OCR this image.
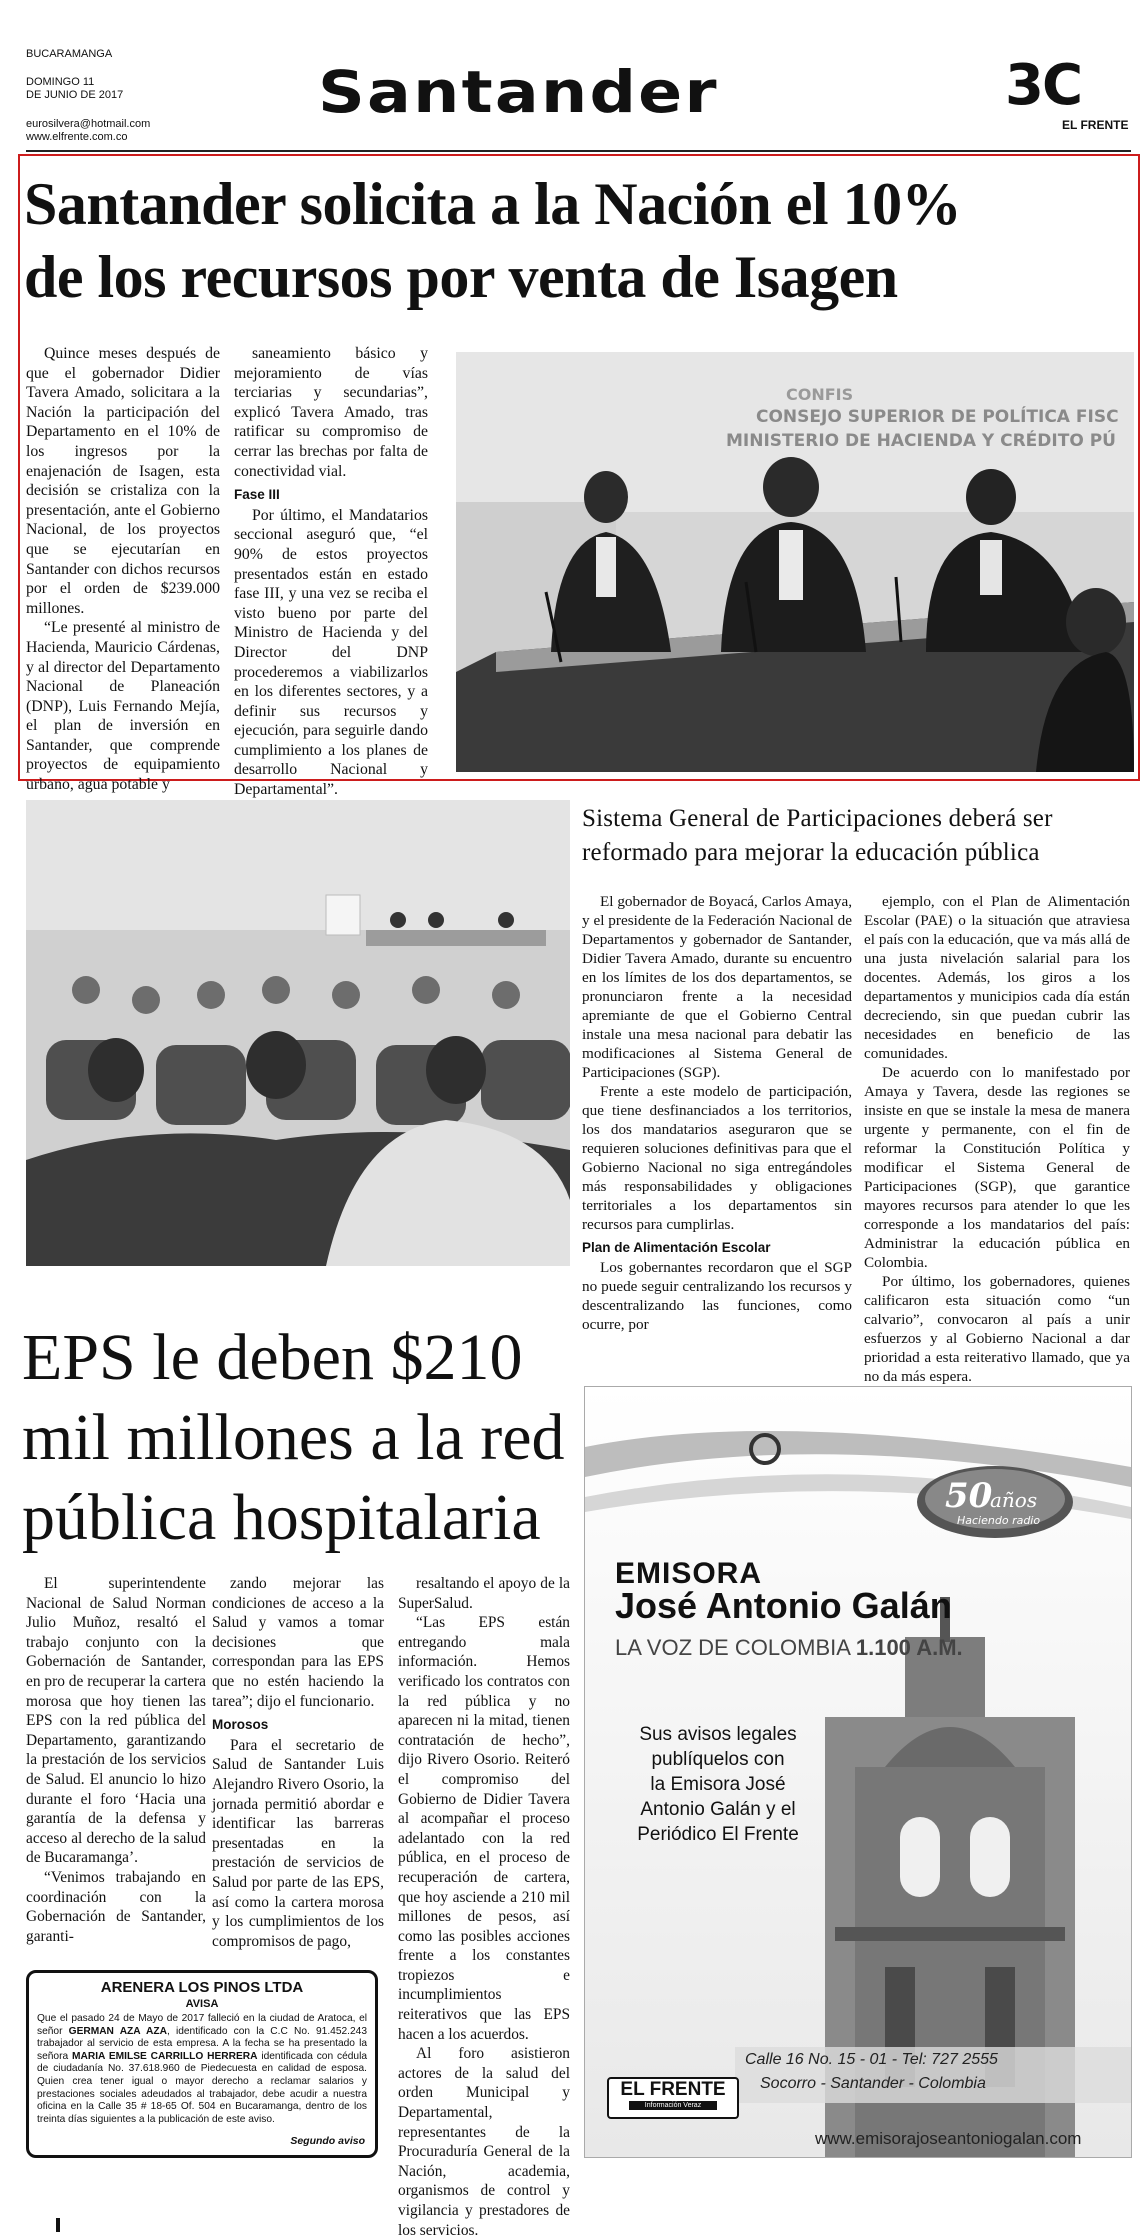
BUCARAMANGA
DOMINGO 11
DE JUNIO DE 2017
eurosilvera@hotmail.com
www.elfrente.com.co
Santander	3C
EL FRENTE
Santander solicita a la Nación el 10%
de los recursos por venta de Isagen

Quince meses después de que el gobernador Didier Tavera Amado, solicitara a la Nación la participación del Departamento en el 10% de los ingresos por la enajenación de Isagen, esta decisión se cristaliza con la presentación, ante el Gobierno Nacional, de los proyectos que se ejecutarían en Santander con dichos recursos por el orden de $239.000 millones.

“Le presenté al ministro de Hacienda, Mauricio Cárdenas, y al director del Departamento Nacional de Planeación (DNP), Luis Fernando Mejía, el plan de inversión en Santander, que comprende proyectos de equipamiento urbano, agua potable y

saneamiento básico y mejoramiento de vías terciarias y secundarias”, explicó Tavera Amado, tras ratificar su compromiso de cerrar las brechas por falta de conectividad vial.

Fase III

Por último, el Mandatarios seccional aseguró que, “el 90% de estos proyectos presentados están en estado fase III, y una vez se reciba el visto bueno por parte del Ministro de Hacienda y del Director del DNP procederemos a viabilizarlos en los diferentes sectores, y a definir sus recursos y ejecución, para seguirle dando cumplimiento a los planes de desarrollo Nacional y Departamental”.

CONFIS
CONSEJO SUPERIOR DE POLÍTICA FISC
MINISTERIO DE HACIENDA Y CRÉDITO PÚ
Sistema General de Participaciones deberá ser
reformado para mejorar la educación pública

El gobernador de Boyacá, Carlos Amaya, y el presidente de la Federación Nacional de Departamentos y gobernador de Santander, Didier Tavera Amado, durante su encuentro en los límites de los dos departamentos, se pronunciaron frente a la necesidad apremiante de que el Gobierno Central instale una mesa nacional para debatir las modificaciones al Sistema General de Participaciones (SGP).

Frente a este modelo de participación, que tiene desfinanciados a los territorios, los dos mandatarios aseguraron que se requieren soluciones definitivas para que el Gobierno Nacional no siga entregándoles más responsabilidades y obligaciones territoriales a los departamentos sin recursos para cumplirlas.

Plan de Alimentación Escolar

Los gobernantes recordaron que el SGP no puede seguir centralizando los recursos y descentralizando las funciones, como ocurre, por

ejemplo, con el Plan de Alimentación Escolar (PAE) o la situación que atraviesa el país con la educación, que va más allá de una justa nivelación salarial para los docentes. Además, los giros a los departamentos y municipios cada día están decreciendo, sin que puedan cubrir las necesidades en beneficio de las comunidades.

De acuerdo con lo manifestado por Amaya y Tavera, desde las regiones se insiste en que se instale la mesa de manera urgente y permanente, con el fin de reformar la Constitución Política y modificar el Sistema General de Participaciones (SGP), que garantice mayores recursos para atender lo que les corresponde a los mandatarios del país: Administrar la educación pública en Colombia.

Por último, los gobernadores, quienes calificaron esta situación como “un calvario”, convocaron al país a unir esfuerzos y al Gobierno Nacional a dar prioridad a esta reiterativo llamado, que ya no da más espera.

EPS le deben $210
mil millones a la red
pública hospitalaria

El superintendente Nacional de Salud Norman Julio Muñoz, resaltó el trabajo conjunto con la Gobernación de Santander, en pro de recuperar la cartera morosa que hoy tienen las EPS con la red pública del Departamento, garantizando la prestación de los servicios de Salud. El anuncio lo hizo durante el foro ‘Hacia una garantía de la defensa y acceso al derecho de la salud de Bucaramanga’.

“Venimos trabajando en coordinación con la Gobernación de Santander, garanti-

zando mejorar las condiciones de acceso a la Salud y vamos a tomar decisiones que correspondan para las EPS que no estén haciendo la tarea”; dijo el funcionario.

Morosos

Para el secretario de Salud de Santander Luis Alejandro Rivero Osorio, la jornada permitió abordar e identificar las barreras presentadas en la prestación de servicios de Salud por parte de las EPS, así como la cartera morosa y los cumplimientos de los compromisos de pago,

resaltando el apoyo de la SuperSalud.

“Las EPS están entregando mala información. Hemos verificado los contratos con la red pública y no aparecen ni la mitad, tienen contratación de hecho”, dijo Rivero Osorio. Reiteró el compromiso del Gobierno de Didier Tavera al acompañar el proceso adelantado con la red pública, en el proceso de recuperación de cartera, que hoy asciende a 210 mil millones de pesos, así como las posibles acciones frente a los constantes tropiezos e incumplimientos reiterativos que las EPS hacen a los acuerdos.

Al foro asistieron actores de la salud del orden Municipal y Departamental, representantes de la Procuraduría General de la Nación, academia, organismos de control y vigilancia y prestadores de los servicios.

ARENERA LOS PINOS LTDA
AVISA
Que el pasado 24 de Mayo de 2017 falleció en la ciudad de Aratoca, el señor GERMAN AZA AZA, identificado con la C.C No. 91.452.243 trabajador al servicio de esta empresa. A la fecha se ha presentado la señora MARIA EMILSE CARRILLO HERRERA identificada con cédula de ciudadanía No. 37.618.960 de Piedecuesta en calidad de esposa. Quien crea tener igual o mayor derecho a reclamar salarios y prestaciones sociales adeudados al trabajador, debe acudir a nuestra oficina en la Calle 35 # 18-65 Of. 504 en Bucaramanga, dentro de los treinta días siguientes a la publicación de este aviso.
Segundo aviso
50
años
Haciendo radio
EMISORA
José Antonio Galán
LA VOZ DE COLOMBIA 1.100 A.M.
Sus avisos legales
publíquelos con
la Emisora José
Antonio Galán y el
Periódico El Frente
Calle 16 No. 15 - 01 - Tel: 727 2555
Socorro - Santander - Colombia
EL FRENTE
Información Veraz
www.emisorajoseantoniogalan.com
